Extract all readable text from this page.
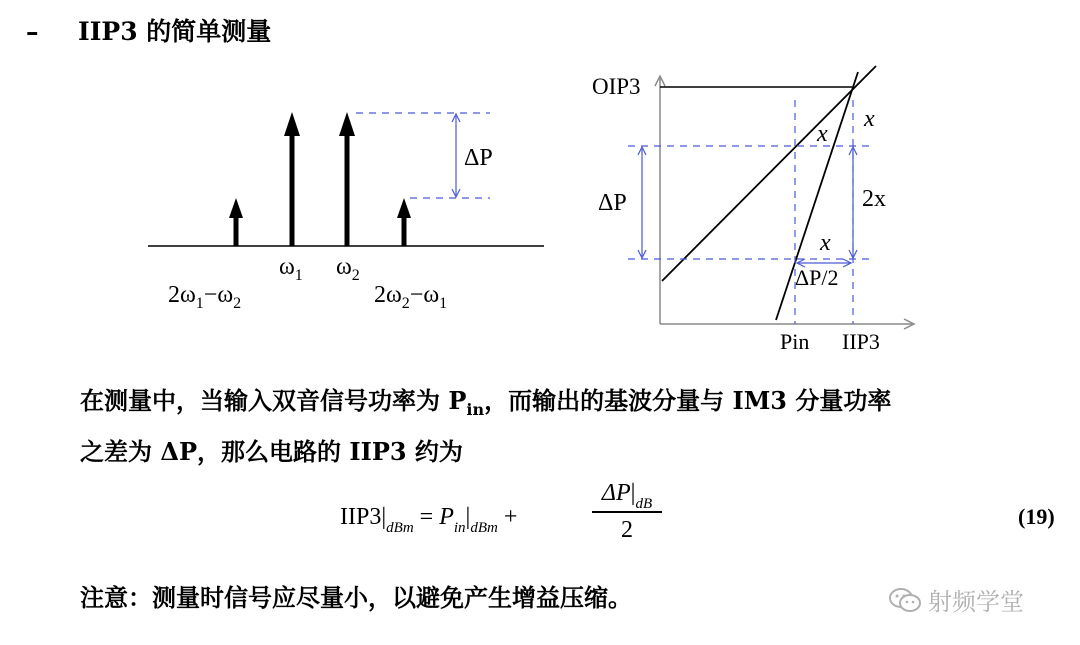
– IIP3 的简单测量
ΔP
$\omega_1$ $\omega_2$
$2\omega_1-\omega_2$	$2\omega_2-\omega_1$
OIP3
ΔP
x
x
2x
x
ΔP/2
Pin IIP3
在测量中，当输入双音信号功率为 $P_{in}$，而输出的基波分量与 IM3 分量功率
之差为 ΔP，那么电路的 IIP3 约为
$IIP3|_{dBm} = P_{in}|_{dBm}$ +	$\frac{\Delta P|_{dB}}{2}$	(19)
注意：测量时信号应尽量小，以避免产生增益压缩。	射频学堂
